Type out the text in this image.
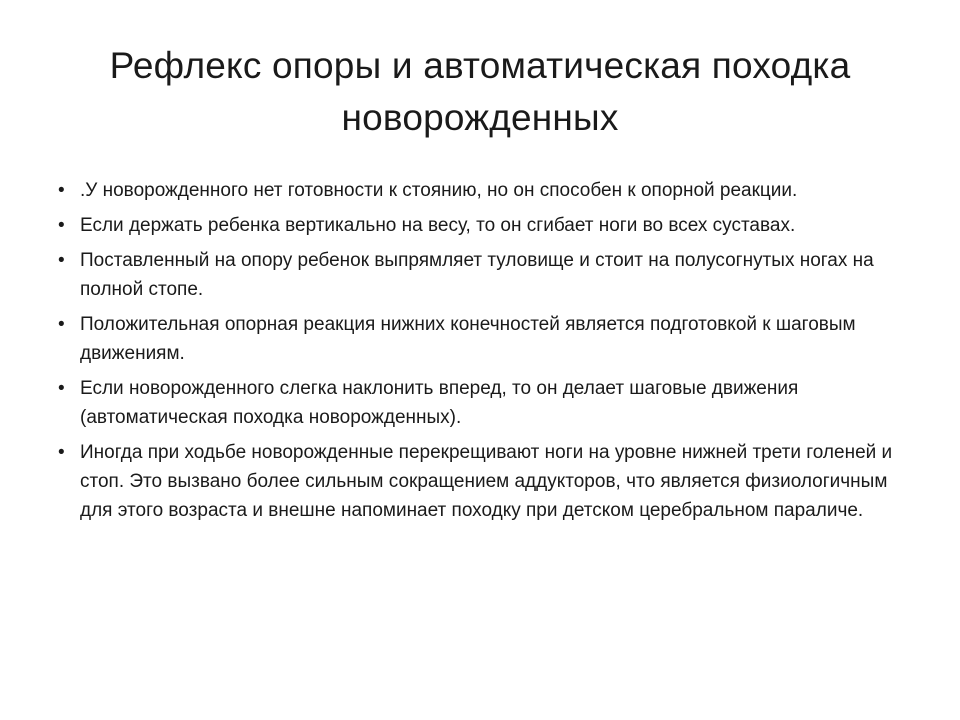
Рефлекс опоры и автоматическая походка
новорожденных
• .У новорожденного нет готовности к стоянию, но он способен к опорной реакции.
• Если держать ребенка вертикально на весу, то он сгибает ноги во всех суставах.
• Поставленный на опору ребенок выпрямляет туловище и стоит на полусогнутых ногах на полной стопе.
• Положительная опорная реакция нижних конечностей является подготовкой к шаговым движениям.
• Если новорожденного слегка наклонить вперед, то он делает шаговые движения (автоматическая походка новорожденных).
• Иногда при ходьбе новорожденные перекрещивают ноги на уровне нижней трети голеней и стоп. Это вызвано более сильным сокращением аддукторов, что является физиологичным для этого возраста и внешне напоминает походку при детском церебральном параличе.
